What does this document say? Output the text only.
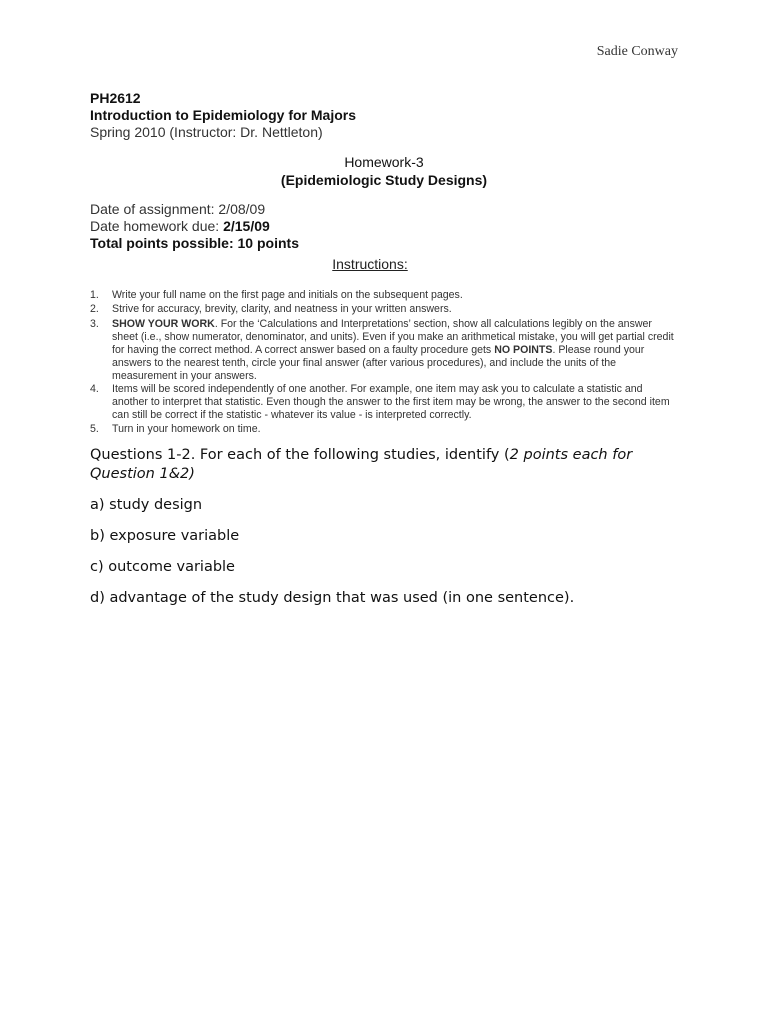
Sadie Conway
PH2612
Introduction to Epidemiology for Majors
Spring 2010 (Instructor: Dr. Nettleton)
Homework-3
(Epidemiologic Study Designs)
Date of assignment: 2/08/09
Date homework due: 2/15/09
Total points possible: 10 points
Instructions:
1. Write your full name on the first page and initials on the subsequent pages.
2. Strive for accuracy, brevity, clarity, and neatness in your written answers.
3. SHOW YOUR WORK. For the ‘Calculations and Interpretations’ section, show all calculations legibly on the answer sheet (i.e., show numerator, denominator, and units). Even if you make an arithmetical mistake, you will get partial credit for having the correct method. A correct answer based on a faulty procedure gets NO POINTS. Please round your answers to the nearest tenth, circle your final answer (after various procedures), and include the units of the measurement in your answers.
4. Items will be scored independently of one another. For example, one item may ask you to calculate a statistic and another to interpret that statistic. Even though the answer to the first item may be wrong, the answer to the second item can still be correct if the statistic - whatever its value - is interpreted correctly.
5. Turn in your homework on time.
Questions 1-2. For each of the following studies, identify (2 points each for Question 1&2)
a) study design
b) exposure variable
c) outcome variable
d) advantage of the study design that was used (in one sentence).
